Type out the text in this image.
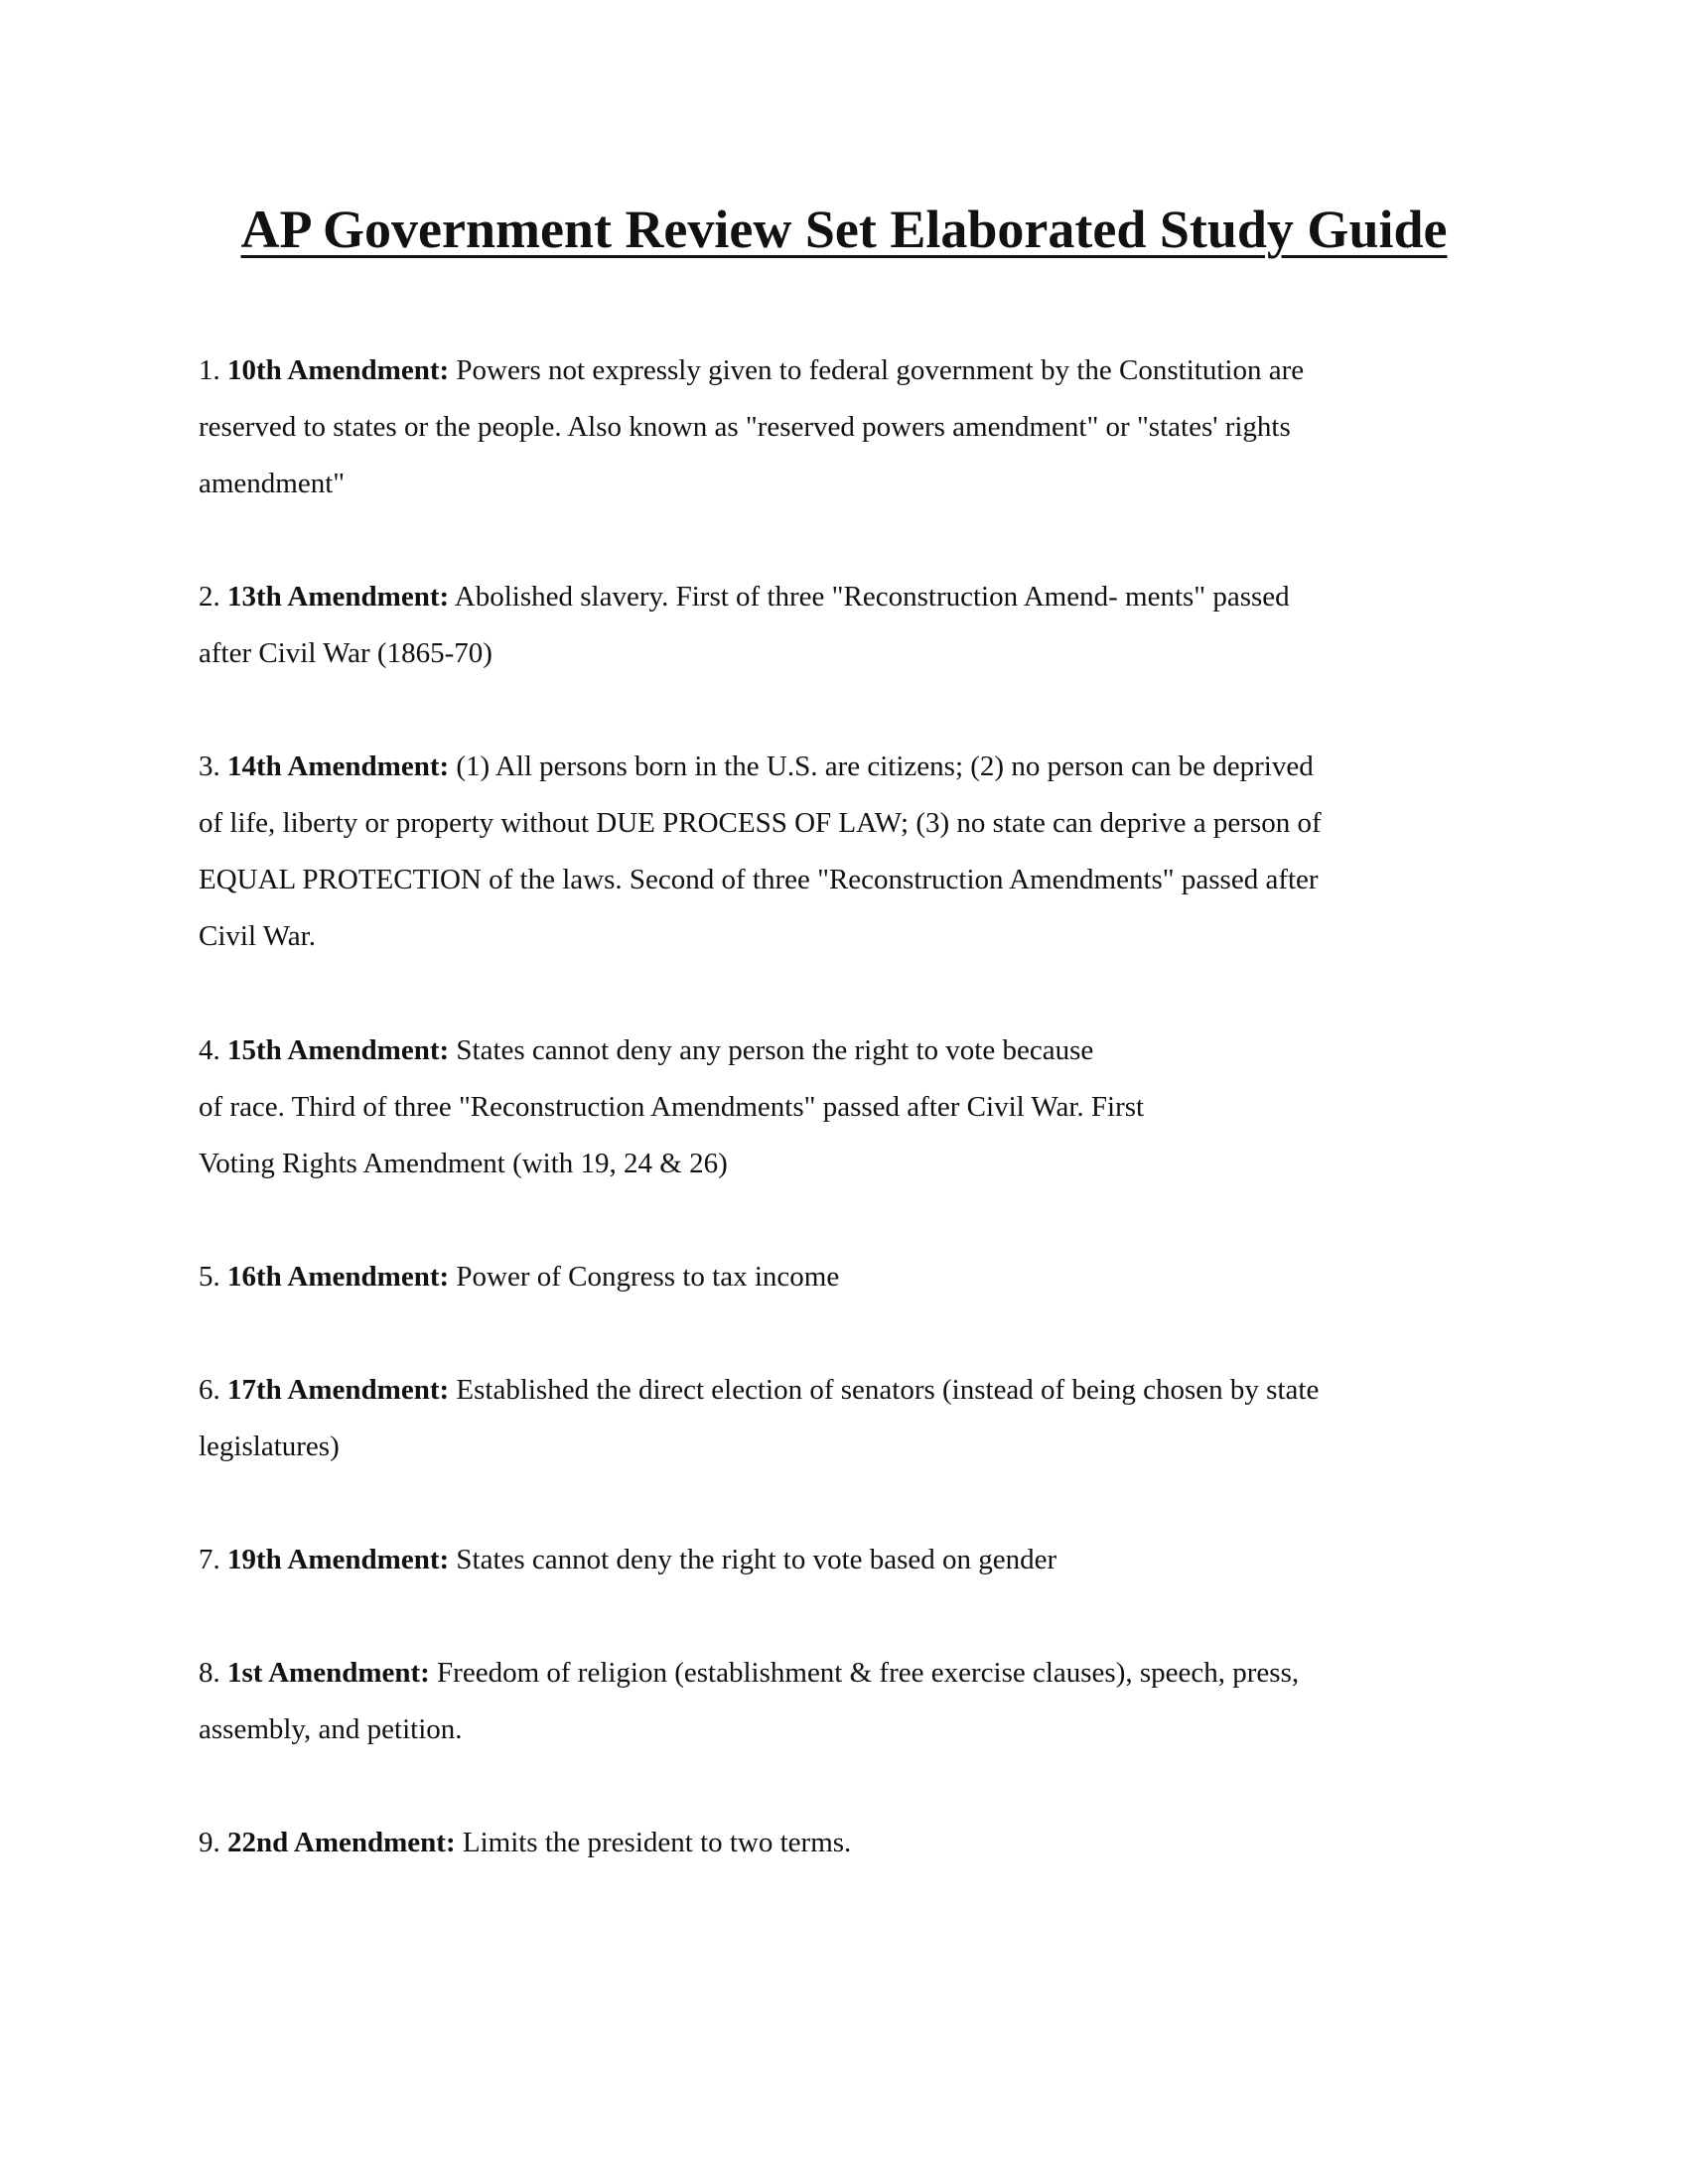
AP Government Review Set Elaborated Study Guide
1. 10th Amendment: Powers not expressly given to federal government by the Constitution are
reserved to states or the people. Also known as "reserved powers amendment" or "states' rights
amendment"
2. 13th Amendment: Abolished slavery. First of three "Reconstruction Amend- ments" passed
after Civil War (1865-70)
3. 14th Amendment: (1) All persons born in the U.S. are citizens; (2) no person can be deprived
of life, liberty or property without DUE PROCESS OF LAW; (3) no state can deprive a person of
EQUAL PROTECTION of the laws. Second of three "Reconstruction Amendments" passed after
Civil War.
4. 15th Amendment: States cannot deny any person the right to vote because
of race. Third of three "Reconstruction Amendments" passed after Civil War. First
Voting Rights Amendment (with 19, 24 & 26)
5. 16th Amendment: Power of Congress to tax income
6. 17th Amendment: Established the direct election of senators (instead of being chosen by state
legislatures)
7. 19th Amendment: States cannot deny the right to vote based on gender
8. 1st Amendment: Freedom of religion (establishment & free exercise clauses), speech, press,
assembly, and petition.
9. 22nd Amendment: Limits the president to two terms.
